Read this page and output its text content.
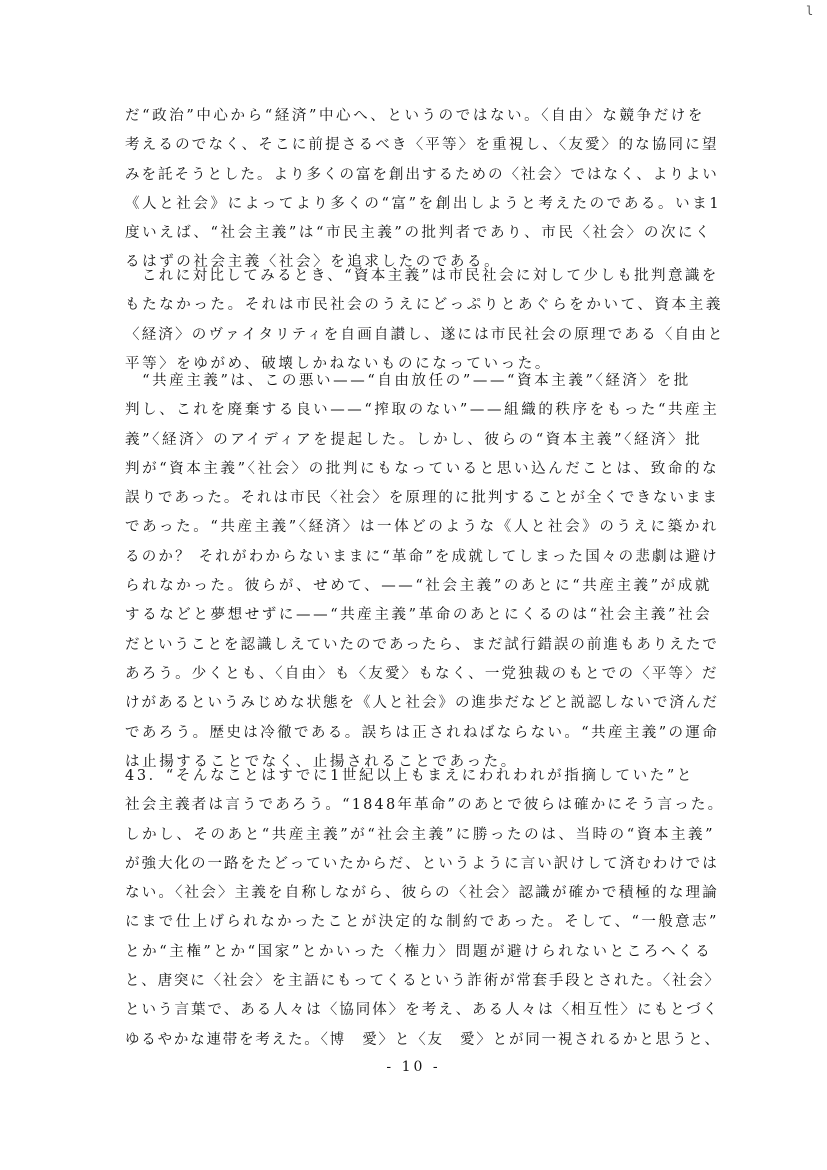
l
だ“政治”中心から“経済”中心へ、というのではない。〈自由〉な競争だけを
考えるのでなく、そこに前提さるべき〈平等〉を重視し、〈友愛〉的な協同に望
みを託そうとした。より多くの富を創出するための〈社会〉ではなく、よりよい
《人と社会》によってより多くの“富”を創出しようと考えたのである。いま1
度いえば、“社会主義”は“市民主義”の批判者であり、市民〈社会〉の次にく
るはずの社会主義〈社会〉を追求したのである。
　これに対比してみるとき、“資本主義”は市民社会に対して少しも批判意識を
もたなかった。それは市民社会のうえにどっぷりとあぐらをかいて、資本主義
〈経済〉のヴァイタリティを自画自讃し、遂には市民社会の原理である〈自由と
平等〉をゆがめ、破壊しかねないものになっていった。
　“共産主義”は、この悪い——“自由放任の”——“資本主義”〈経済〉を批
判し、これを廃棄する良い——“搾取のない”——組織的秩序をもった“共産主
義”〈経済〉のアイディアを提起した。しかし、彼らの“資本主義”〈経済〉批
判が“資本主義”〈社会〉の批判にもなっていると思い込んだことは、致命的な
誤りであった。それは市民〈社会〉を原理的に批判することが全くできないまま
であった。“共産主義”〈経済〉は一体どのような《人と社会》のうえに築かれ
るのか？ それがわからないままに“革命”を成就してしまった国々の悲劇は避け
られなかった。彼らが、せめて、——“社会主義”のあとに“共産主義”が成就
するなどと夢想せずに——“共産主義”革命のあとにくるのは“社会主義”社会
だということを認識しえていたのであったら、まだ試行錯誤の前進もありえたで
あろう。少くとも、〈自由〉も〈友愛〉もなく、一党独裁のもとでの〈平等〉だ
けがあるというみじめな状態を《人と社会》の進歩だなどと説認しないで済んだ
であろう。歴史は冷徹である。誤ちは正されねばならない。“共産主義”の運命
は止揚することでなく、止揚されることであった。
43．“そんなことはすでに1世紀以上もまえにわれわれが指摘していた”と
社会主義者は言うであろう。“1848年革命”のあとで彼らは確かにそう言った。
しかし、そのあと“共産主義”が“社会主義”に勝ったのは、当時の“資本主義”
が強大化の一路をたどっていたからだ、というように言い訳けして済むわけでは
ない。〈社会〉主義を自称しながら、彼らの〈社会〉認識が確かで積極的な理論
にまで仕上げられなかったことが決定的な制約であった。そして、“一般意志”
とか“主権”とか“国家”とかいった〈権力〉問題が避けられないところへくる
と、唐突に〈社会〉を主語にもってくるという詐術が常套手段とされた。〈社会〉
という言葉で、ある人々は〈協同体〉を考え、ある人々は〈相互性〉にもとづく
ゆるやかな連帯を考えた。〈博　愛〉と〈友　愛〉とが同一視されるかと思うと、
- 10 -
